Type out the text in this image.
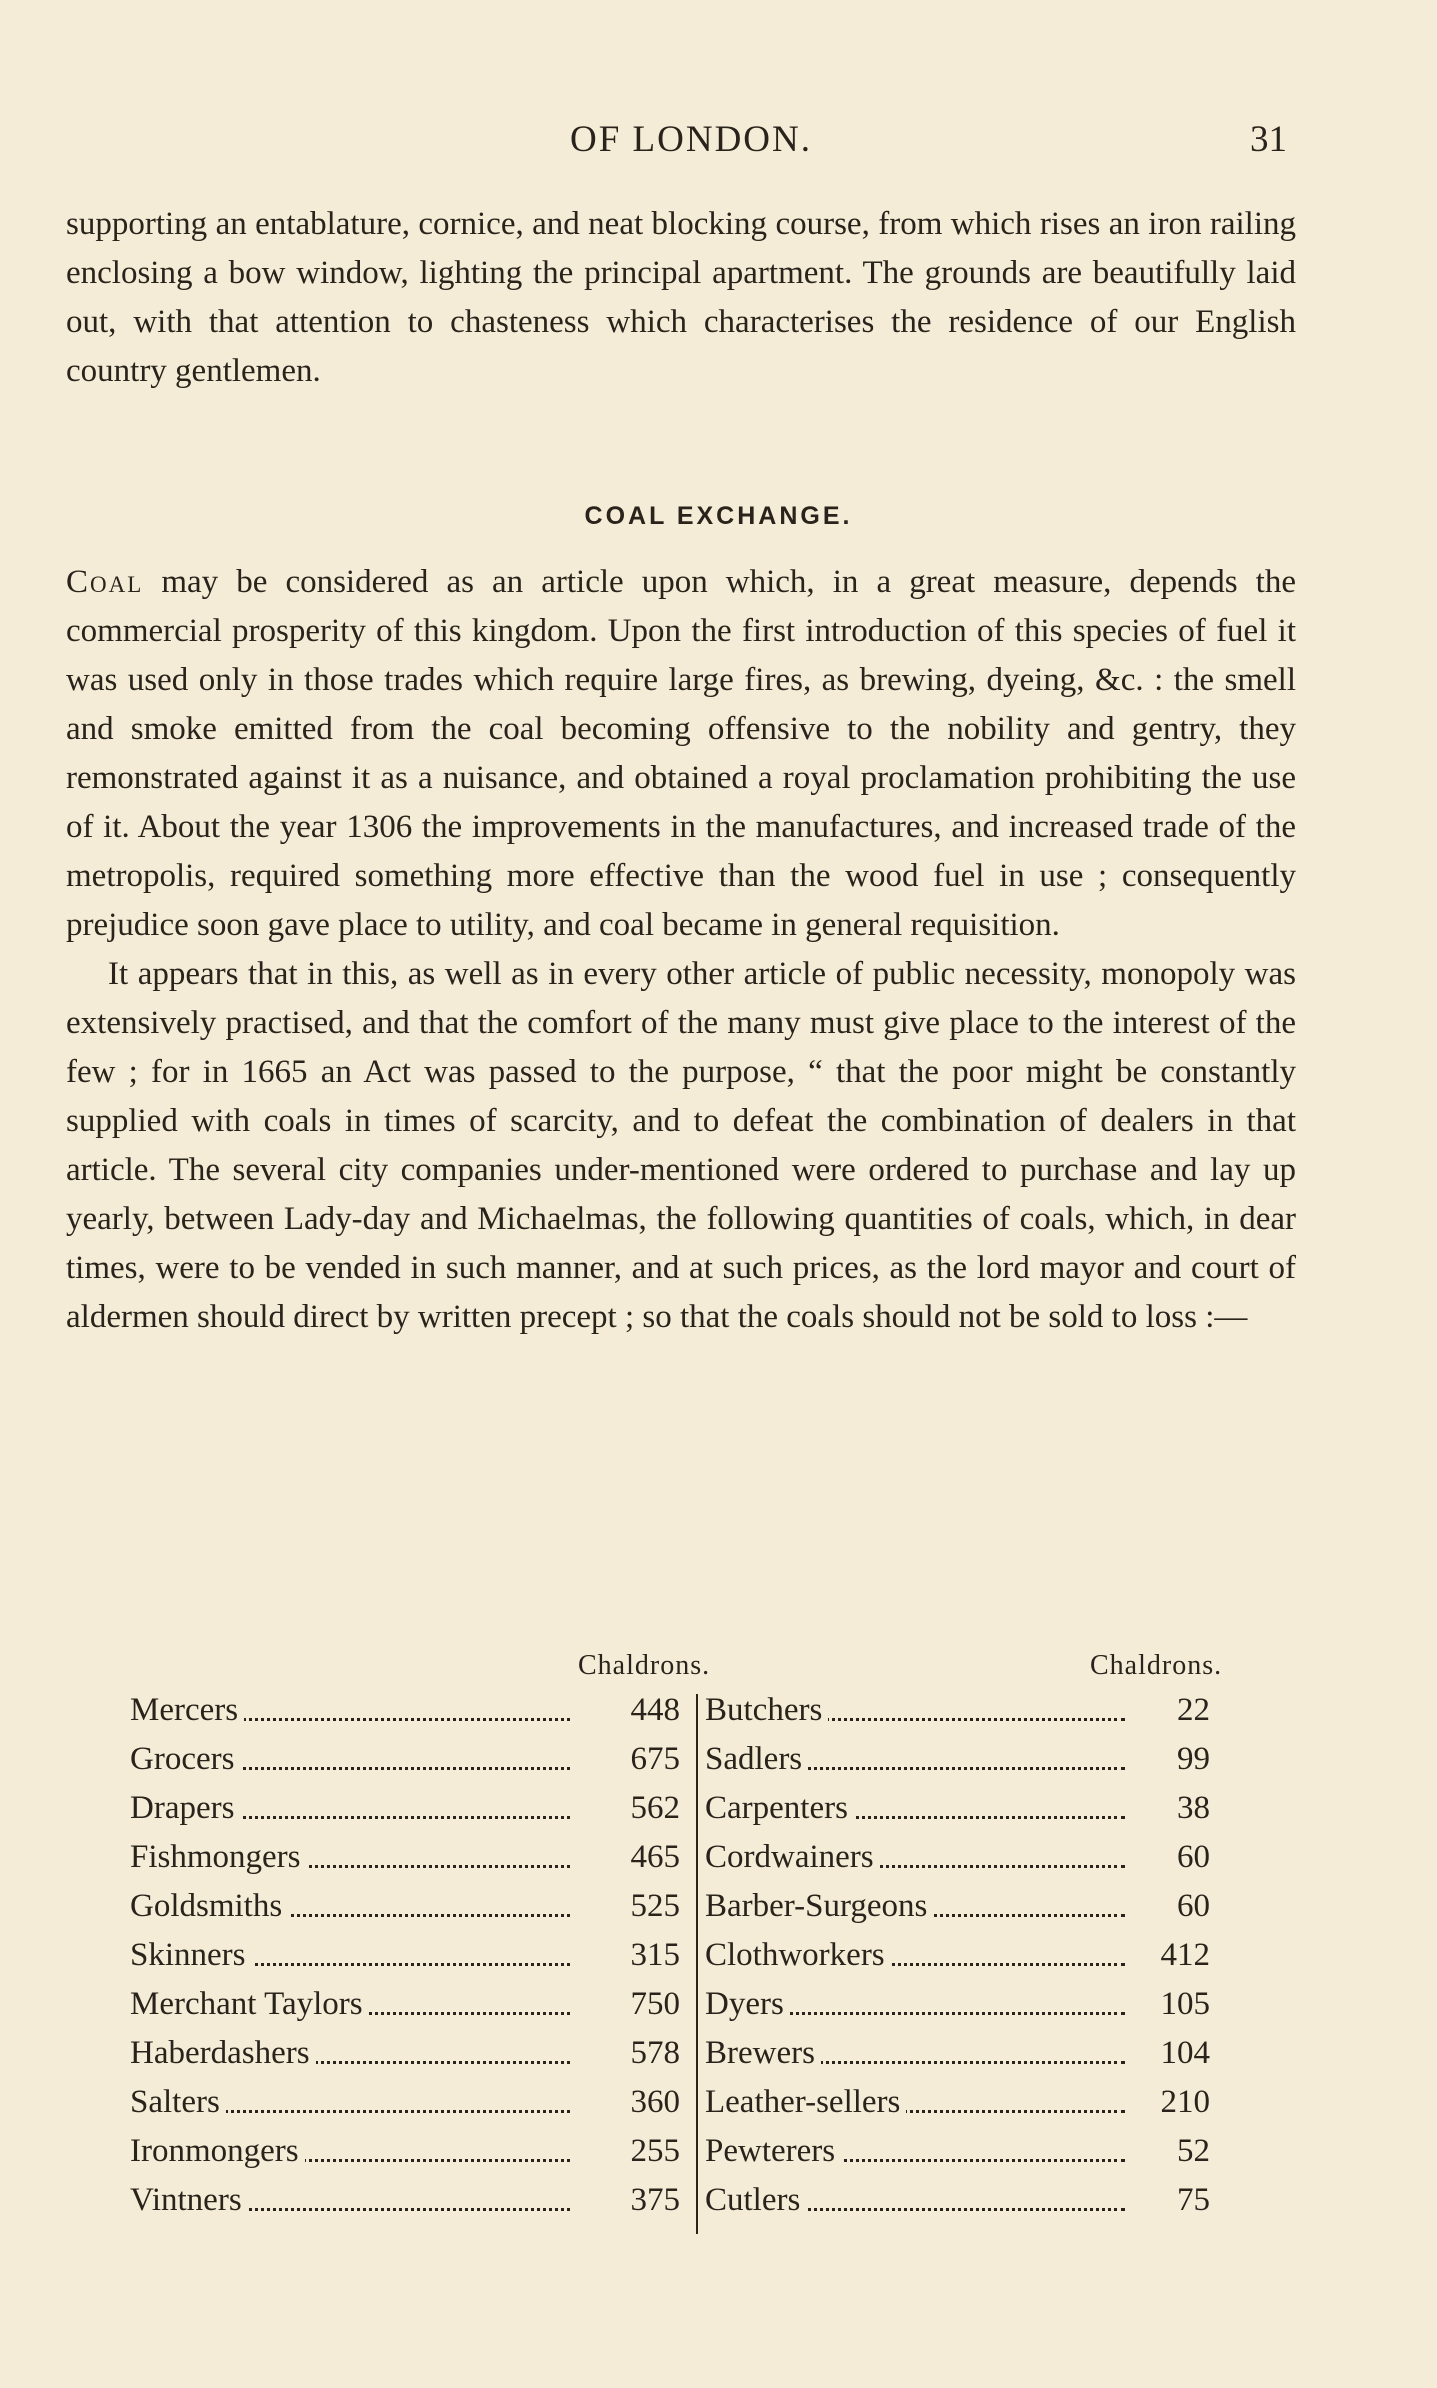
OF LONDON.	31

supporting an entablature, cornice, and neat blocking course, from which rises an iron railing enclosing a bow window, lighting the principal apartment. The grounds are beautifully laid out, with that attention to chasteness which characterises the residence of our English country gentlemen.

COAL EXCHANGE.

Coal may be considered as an article upon which, in a great measure, depends the commercial prosperity of this kingdom. Upon the first introduction of this species of fuel it was used only in those trades which require large fires, as brewing, dyeing, &c. : the smell and smoke emitted from the coal becoming offensive to the nobility and gentry, they remonstrated against it as a nuisance, and obtained a royal proclamation prohibiting the use of it. About the year 1306 the improvements in the manufactures, and increased trade of the metropolis, required something more effective than the wood fuel in use ; consequently prejudice soon gave place to utility, and coal became in general requisition.

It appears that in this, as well as in every other article of public necessity, monopoly was extensively practised, and that the comfort of the many must give place to the interest of the few ; for in 1665 an Act was passed to the purpose, “ that the poor might be constantly supplied with coals in times of scarcity, and to defeat the combination of dealers in that article. The several city companies under-mentioned were ordered to purchase and lay up yearly, between Lady-day and Michaelmas, the following quantities of coals, which, in dear times, were to be vended in such manner, and at such prices, as the lord mayor and court of aldermen should direct by written precept ; so that the coals should not be sold to loss :—

Chaldrons.	Chaldrons.
Mercers	448 Butchers	22
Grocers	675 Sadlers	99
Drapers	562 Carpenters	38
Fishmongers	465 Cordwainers	60
Goldsmiths	525 Barber-Surgeons	60
Skinners	315 Clothworkers	412
Merchant Taylors	750 Dyers	105
Haberdashers	578 Brewers	104
Salters	360 Leather-sellers	210
Ironmongers	255 Pewterers	52
Vintners	375 Cutlers	75
